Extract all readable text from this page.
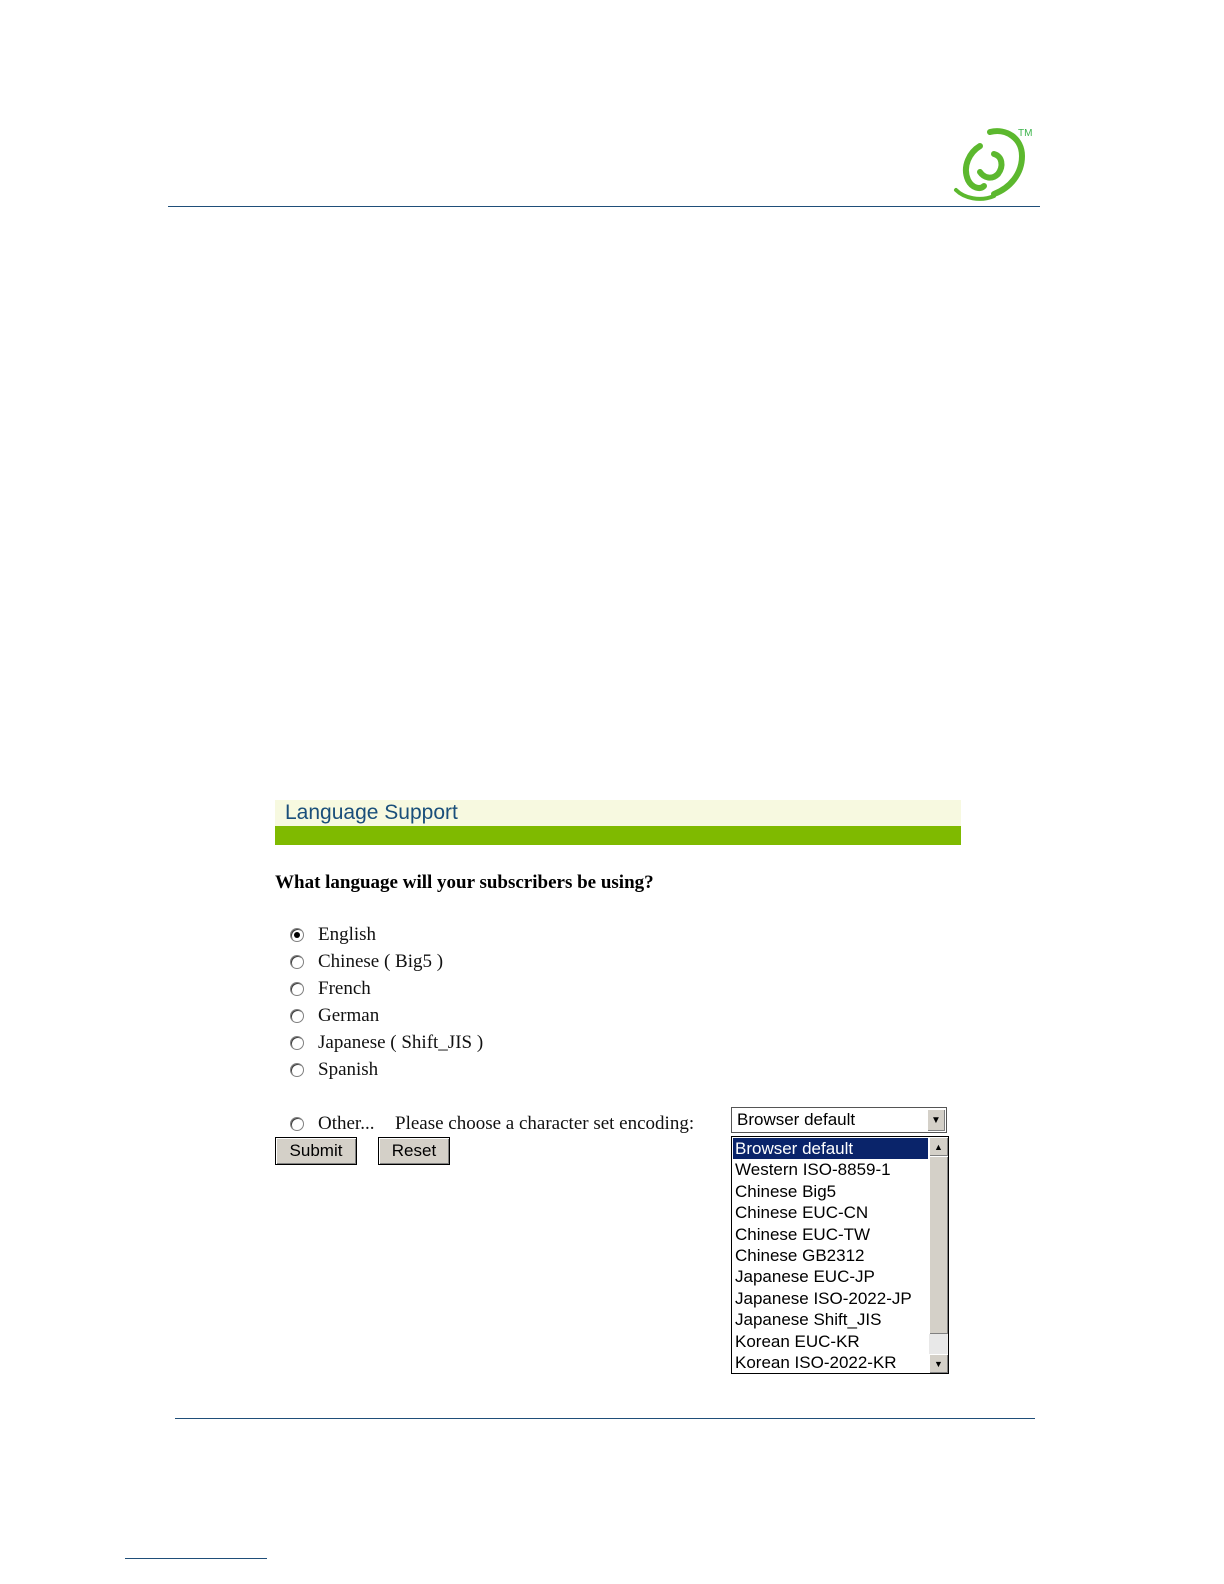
TM
Language Support
What language will your subscribers be using?
English
Chinese ( Big5 )
French
German
Japanese ( Shift_JIS )
Spanish
Other... Please choose a character set encoding:
Submit	Reset
Browser default	▼
Browser default
Western ISO-8859-1
Chinese Big5
Chinese EUC-CN
Chinese EUC-TW
Chinese GB2312
Japanese EUC-JP
Japanese ISO-2022-JP
Japanese Shift_JIS
Korean EUC-KR
Korean ISO-2022-KR
▲
▼
